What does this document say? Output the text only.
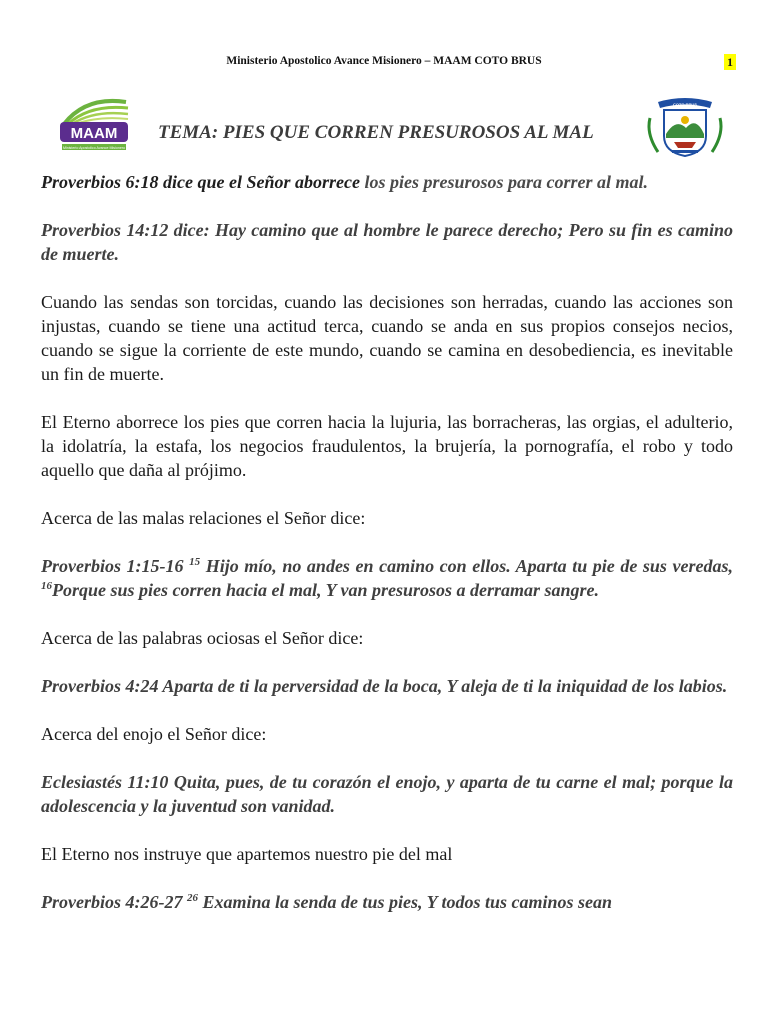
Ministerio Apostolico Avance Misionero – MAAM COTO BRUS	1
MAAM
Ministerio Apostolico Avance Misionero
TEMA: PIES QUE CORREN PRESUROSOS AL MAL
COTO BRUS

Proverbios 6:18 dice que el Señor aborrece los pies presurosos para correr al mal.

Proverbios 14:12 dice: Hay camino que al hombre le parece derecho; Pero su fin es camino de muerte.

Cuando las sendas son torcidas, cuando las decisiones son herradas, cuando las acciones son injustas, cuando se tiene una actitud terca, cuando se anda en sus propios consejos necios, cuando se sigue la corriente de este mundo, cuando se camina en desobediencia, es inevitable un fin de muerte.

El Eterno aborrece los pies que corren hacia la lujuria, las borracheras, las orgias, el adulterio, la idolatría, la estafa, los negocios fraudulentos, la brujería, la pornografía, el robo y todo aquello que daña al prójimo.

Acerca de las malas relaciones el Señor dice:

Proverbios 1:15-16 $^{15}$ Hijo mío, no andes en camino con ellos. Aparta tu pie de sus veredas, $^{16}$Porque sus pies corren hacia el mal, Y van presurosos a derramar sangre.

Acerca de las palabras ociosas el Señor dice:

Proverbios 4:24 Aparta de ti la perversidad de la boca, Y aleja de ti la iniquidad de los labios.

Acerca del enojo el Señor dice:

Eclesiastés 11:10 Quita, pues, de tu corazón el enojo, y aparta de tu carne el mal; porque la adolescencia y la juventud son vanidad.

El Eterno nos instruye que apartemos nuestro pie del mal

Proverbios 4:26-27 $^{26}$ Examina la senda de tus pies, Y todos tus caminos sean
